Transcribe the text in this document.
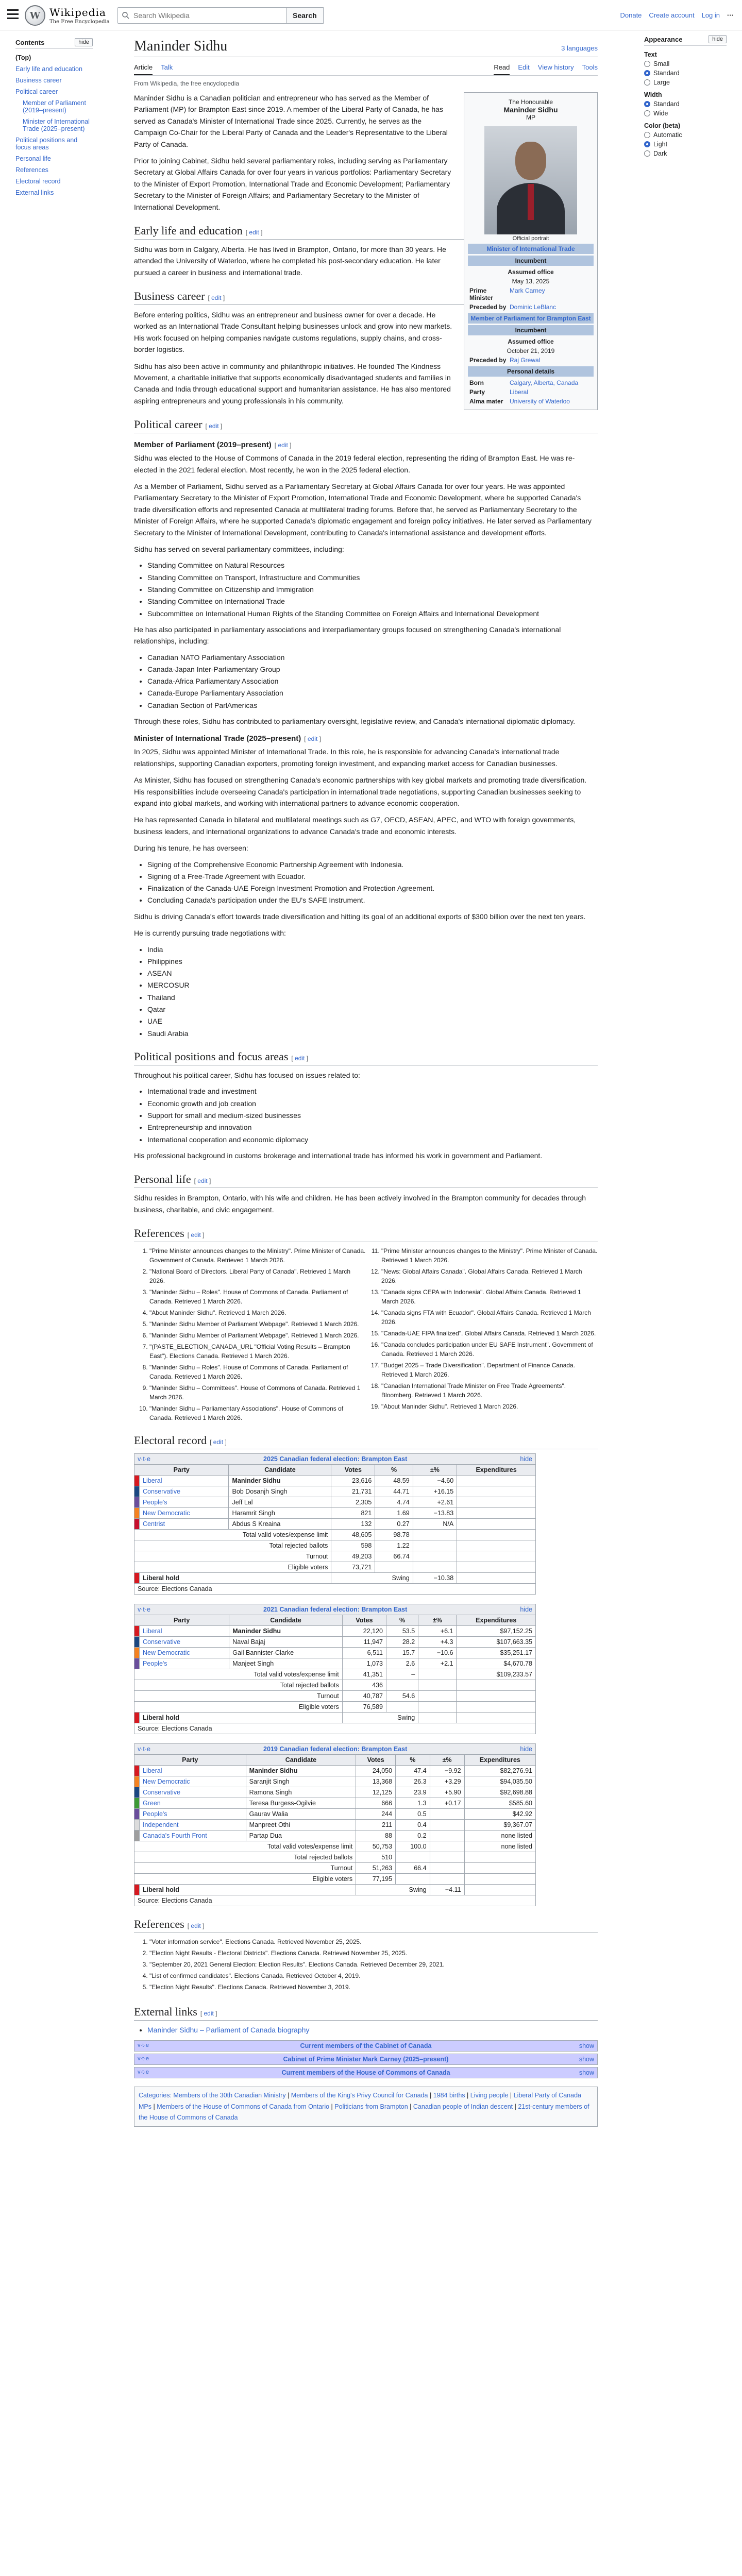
W Wikipedia
The Free Encyclopedia
Search Wikipedia
Search	Donate Create account Log in ···
Contents	hide
(Top)
Early life and education
Business career
Political career
Member of Parliament (2019–present)
Minister of International Trade (2025–present)
Political positions and focus areas
Personal life
References
Electoral record
External links
Maninder Sidhu	3 languages
Article Talk	Read Edit View history Tools
From Wikipedia, the free encyclopedia
The Honourable
Maninder Sidhu
MP
Official portrait
Minister of International Trade
Incumbent
Assumed office
May 13, 2025
Prime Minister
Mark Carney
Preceded by Dominic LeBlanc
Member of Parliament for Brampton East
Incumbent
Assumed office
October 21, 2019
Preceded by Raj Grewal
Personal details
Born	Calgary, Alberta, Canada
Party	Liberal
Alma mater	University of Waterloo

Maninder Sidhu is a Canadian politician and entrepreneur who has served as the Member of Parliament (MP) for Brampton East since 2019. A member of the Liberal Party of Canada, he has served as Canada's Minister of International Trade since 2025. Currently, he serves as the Campaign Co-Chair for the Liberal Party of Canada and the Leader's Representative to the Liberal Party of Canada.

Prior to joining Cabinet, Sidhu held several parliamentary roles, including serving as Parliamentary Secretary at Global Affairs Canada for over four years in various portfolios: Parliamentary Secretary to the Minister of Export Promotion, International Trade and Economic Development; Parliamentary Secretary to the Minister of Foreign Affairs; and Parliamentary Secretary to the Minister of International Development.

Early life and education [ edit ]

Sidhu was born in Calgary, Alberta. He has lived in Brampton, Ontario, for more than 30 years. He attended the University of Waterloo, where he completed his post-secondary education. He later pursued a career in business and international trade.

Business career [ edit ]

Before entering politics, Sidhu was an entrepreneur and business owner for over a decade. He worked as an International Trade Consultant helping businesses unlock and grow into new markets. His work focused on helping companies navigate customs regulations, supply chains, and cross-border logistics.

Sidhu has also been active in community and philanthropic initiatives. He founded The Kindness Movement, a charitable initiative that supports economically disadvantaged students and families in Canada and India through educational support and humanitarian assistance. He has also mentored aspiring entrepreneurs and young professionals in his community.

Political career [ edit ]
Member of Parliament (2019–present) [ edit ]

Sidhu was elected to the House of Commons of Canada in the 2019 federal election, representing the riding of Brampton East. He was re-elected in the 2021 federal election. Most recently, he won in the 2025 federal election.

As a Member of Parliament, Sidhu served as a Parliamentary Secretary at Global Affairs Canada for over four years. He was appointed Parliamentary Secretary to the Minister of Export Promotion, International Trade and Economic Development, where he supported Canada's trade diversification efforts and represented Canada at multilateral trading forums. Before that, he served as Parliamentary Secretary to the Minister of Foreign Affairs, where he supported Canada's diplomatic engagement and foreign policy initiatives. He later served as Parliamentary Secretary to the Minister of International Development, contributing to Canada's international assistance and development efforts.

Sidhu has served on several parliamentary committees, including:

• Standing Committee on Natural Resources
• Standing Committee on Transport, Infrastructure and Communities
• Standing Committee on Citizenship and Immigration
• Standing Committee on International Trade
• Subcommittee on International Human Rights of the Standing Committee on Foreign Affairs and International Development

He has also participated in parliamentary associations and interparliamentary groups focused on strengthening Canada's international relationships, including:

• Canadian NATO Parliamentary Association
• Canada-Japan Inter-Parliamentary Group
• Canada-Africa Parliamentary Association
• Canada-Europe Parliamentary Association
• Canadian Section of ParlAmericas

Through these roles, Sidhu has contributed to parliamentary oversight, legislative review, and Canada's international diplomatic diplomacy.

Minister of International Trade (2025–present) [ edit ]

In 2025, Sidhu was appointed Minister of International Trade. In this role, he is responsible for advancing Canada's international trade relationships, supporting Canadian exporters, promoting foreign investment, and expanding market access for Canadian businesses.

As Minister, Sidhu has focused on strengthening Canada's economic partnerships with key global markets and promoting trade diversification. His responsibilities include overseeing Canada's participation in international trade negotiations, supporting Canadian businesses seeking to expand into global markets, and working with international partners to advance economic cooperation.

He has represented Canada in bilateral and multilateral meetings such as G7, OECD, ASEAN, APEC, and WTO with foreign governments, business leaders, and international organizations to advance Canada's trade and economic interests.

During his tenure, he has overseen:

• Signing of the Comprehensive Economic Partnership Agreement with Indonesia.
• Signing of a Free-Trade Agreement with Ecuador.
• Finalization of the Canada-UAE Foreign Investment Promotion and Protection Agreement.
• Concluding Canada's participation under the EU's SAFE Instrument.

Sidhu is driving Canada's effort towards trade diversification and hitting its goal of an additional exports of $300 billion over the next ten years.

He is currently pursuing trade negotiations with:

• India
• Philippines
• ASEAN
• MERCOSUR
• Thailand
• Qatar
• UAE
• Saudi Arabia
Political positions and focus areas [ edit ]

Throughout his political career, Sidhu has focused on issues related to:

• International trade and investment
• Economic growth and job creation
• Support for small and medium-sized businesses
• Entrepreneurship and innovation
• International cooperation and economic diplomacy

His professional background in customs brokerage and international trade has informed his work in government and Parliament.

Personal life [ edit ]

Sidhu resides in Brampton, Ontario, with his wife and children. He has been actively involved in the Brampton community for decades through business, charitable, and civic engagement.

References [ edit ]
1. "Prime Minister announces changes to the Ministry". Prime Minister of Canada. Government of Canada. Retrieved 1 March 2026.
2. "National Board of Directors. Liberal Party of Canada". Retrieved 1 March 2026.
3. "Maninder Sidhu – Roles". House of Commons of Canada. Parliament of Canada. Retrieved 1 March 2026.
4. "About Maninder Sidhu". Retrieved 1 March 2026.
5. "Maninder Sidhu Member of Parliament Webpage". Retrieved 1 March 2026.
6. "Maninder Sidhu Member of Parliament Webpage". Retrieved 1 March 2026.
7. "(PASTE_ELECTION_CANADA_URL "Official Voting Results – Brampton East"). Elections Canada. Retrieved 1 March 2026.
8. "Maninder Sidhu – Roles". House of Commons of Canada. Parliament of Canada. Retrieved 1 March 2026.
9. "Maninder Sidhu – Committees". House of Commons of Canada. Retrieved 1 March 2026.
10. "Maninder Sidhu – Parliamentary Associations". House of Commons of Canada. Retrieved 1 March 2026.
11. "Prime Minister announces changes to the Ministry". Prime Minister of Canada. Retrieved 1 March 2026.
12. "News: Global Affairs Canada". Global Affairs Canada. Retrieved 1 March 2026.
13. "Canada signs CEPA with Indonesia". Global Affairs Canada. Retrieved 1 March 2026.
14. "Canada signs FTA with Ecuador". Global Affairs Canada. Retrieved 1 March 2026.
15. "Canada-UAE FIPA finalized". Global Affairs Canada. Retrieved 1 March 2026.
16. "Canada concludes participation under EU SAFE Instrument". Government of Canada. Retrieved 1 March 2026.
17. "Budget 2025 – Trade Diversification". Department of Finance Canada. Retrieved 1 March 2026.
18. "Canadian International Trade Minister on Free Trade Agreements". Bloomberg. Retrieved 1 March 2026.
19. "About Maninder Sidhu". Retrieved 1 March 2026.
Electoral record [ edit ]
v·t·e hide
2025 Canadian federal election: Brampton East						
Party		Candidate	Votes	%	±%	Expenditures
	Liberal	Maninder Sidhu	23,616	48.59	−4.60	
	Conservative	Bob Dosanjh Singh	21,731	44.71	+16.15	
	People's	Jeff Lal	2,305	4.74	+2.61	
	New Democratic	Haramrit Singh	821	1.69	−13.83	
	Centrist	Abdus S Kreaina	132	0.27	N/A	
Total valid votes/expense limit			48,605	98.78		
Total rejected ballots			598	1.22		
Turnout			49,203	66.74		
Eligible voters			73,721			
	Liberal hold		Swing		−10.38	
Source: Elections Canada						
v·t·e hide
2021 Canadian federal election: Brampton East						
Party		Candidate	Votes	%	±%	Expenditures
	Liberal	Maninder Sidhu	22,120	53.5	+6.1	$97,152.25
	Conservative	Naval Bajaj	11,947	28.2	+4.3	$107,663.35
	New Democratic	Gail Bannister-Clarke	6,511	15.7	−10.6	$35,251.17
	People's	Manjeet Singh	1,073	2.6	+2.1	$4,670.78
Total valid votes/expense limit			41,351	–		$109,233.57
Total rejected ballots			436			
Turnout			40,787	54.6		
Eligible voters			76,589			
	Liberal hold		Swing			
Source: Elections Canada						
v·t·e hide
2019 Canadian federal election: Brampton East						
Party		Candidate	Votes	%	±%	Expenditures
	Liberal	Maninder Sidhu	24,050	47.4	−9.92	$82,276.91
	New Democratic	Saranjit Singh	13,368	26.3	+3.29	$94,035.50
	Conservative	Ramona Singh	12,125	23.9	+5.90	$92,698.88
	Green	Teresa Burgess-Ogilvie	666	1.3	+0.17	$585.60
	People's	Gaurav Walia	244	0.5		$42.92
	Independent	Manpreet Othi	211	0.4		$9,367.07
	Canada's Fourth Front	Partap Dua	88	0.2		none listed
Total valid votes/expense limit			50,753	100.0		none listed
Total rejected ballots			510			
Turnout			51,263	66.4		
Eligible voters			77,195			
	Liberal hold		Swing		−4.11	
Source: Elections Canada						
References [ edit ]
1. "Voter information service". Elections Canada. Retrieved November 25, 2025.
2. "Election Night Results - Electoral Districts". Elections Canada. Retrieved November 25, 2025.
3. "September 20, 2021 General Election: Election Results". Elections Canada. Retrieved December 29, 2021.
4. "List of confirmed candidates". Elections Canada. Retrieved October 4, 2019.
5. "Election Night Results". Elections Canada. Retrieved November 3, 2019.
External links [ edit ]
• Maninder Sidhu – Parliament of Canada biography
v·t·e	Current members of the Cabinet of Canada	show
v·t·e	Cabinet of Prime Minister Mark Carney (2025–present)	show
v·t·e	Current members of the House of Commons of Canada	show
Categories: Members of the 30th Canadian Ministry | Members of the King's Privy Council for Canada | 1984 births | Living people | Liberal Party of Canada MPs | Members of the House of Commons of Canada from Ontario | Politicians from Brampton | Canadian people of Indian descent | 21st-century members of the House of Commons of Canada
Appearance	hide
Text
Small
Standard
Large
Width
Standard
Wide
Color (beta)
Automatic
Light
Dark
